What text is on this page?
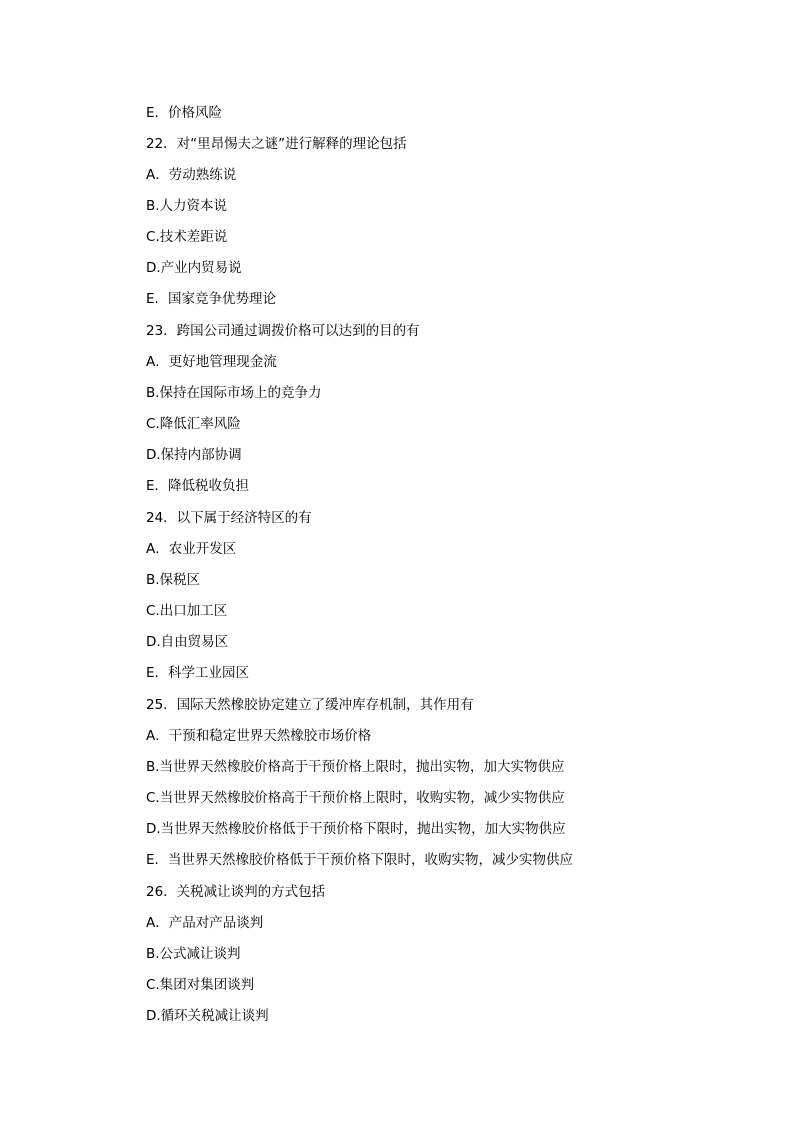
E．价格风险
22．对“里昂惕夫之谜”进行解释的理论包括
A．劳动熟练说
B.人力资本说
C.技术差距说
D.产业内贸易说
E．国家竞争优势理论
23．跨国公司通过调拨价格可以达到的目的有
A．更好地管理现金流
B.保持在国际市场上的竞争力
C.降低汇率风险
D.保持内部协调
E．降低税收负担
24．以下属于经济特区的有
A．农业开发区
B.保税区
C.出口加工区
D.自由贸易区
E．科学工业园区
25．国际天然橡胶协定建立了缓冲库存机制，其作用有
A．干预和稳定世界天然橡胶市场价格
B.当世界天然橡胶价格高于干预价格上限时，抛出实物，加大实物供应
C.当世界天然橡胶价格高于干预价格上限时，收购实物，减少实物供应
D.当世界天然橡胶价格低于干预价格下限时，抛出实物，加大实物供应
E．当世界天然橡胶价格低于干预价格下限时，收购实物，减少实物供应
26．关税减让谈判的方式包括
A．产品对产品谈判
B.公式减让谈判
C.集团对集团谈判
D.循环关税减让谈判
